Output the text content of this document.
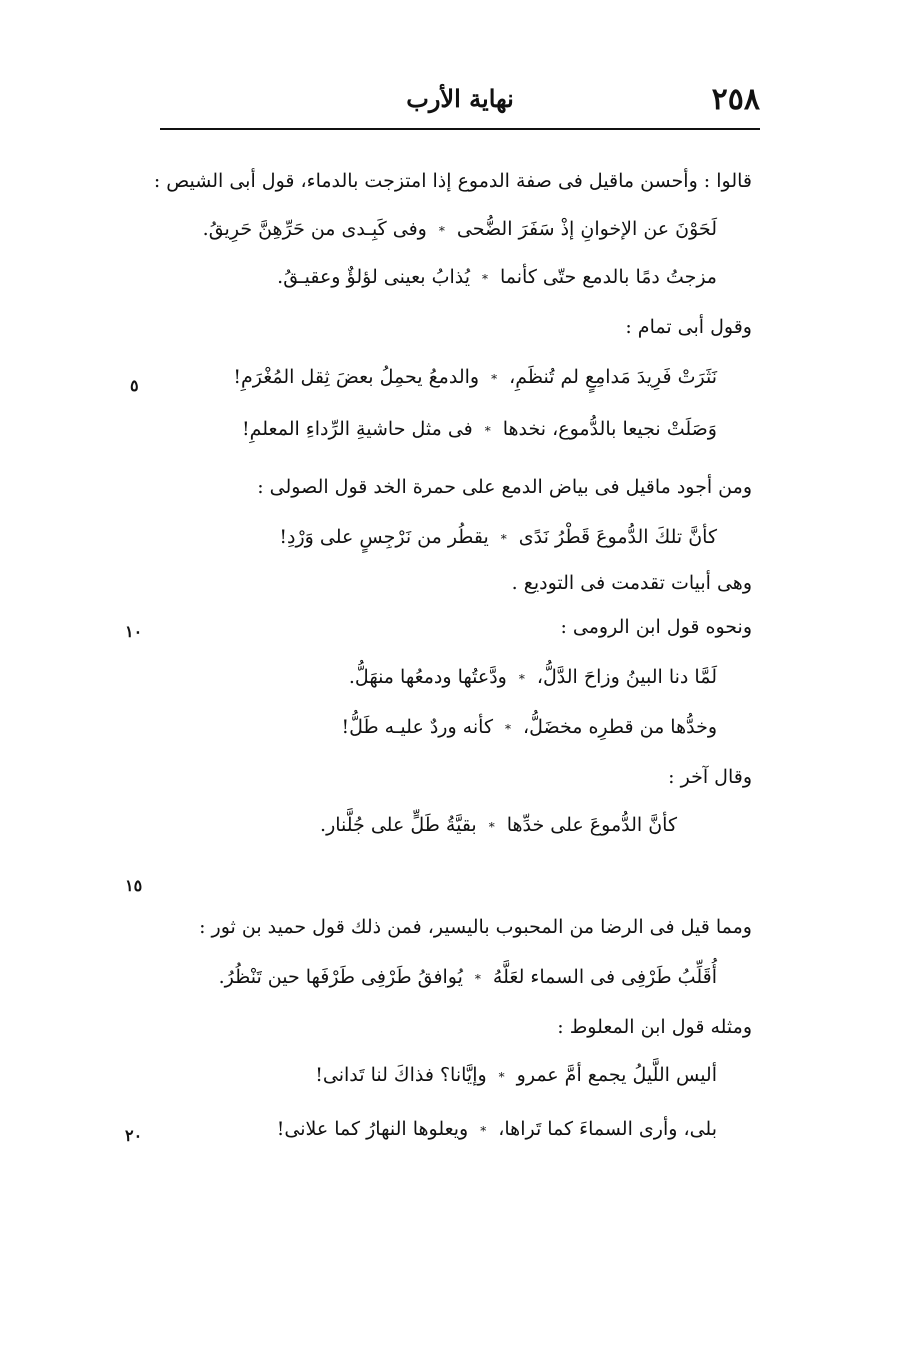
٢٥٨
نهاية الأرب
قالوا : وأحسن ماقيل فى صفة الدموع إذا امتزجت بالدماء، قول أبى الشيص :
لَحَوْنَ عن الإخوانِ إذْ سَفَرَ الضُّحى*وفى كَبِـدى من حَرِّهِنَّ حَرِيقُ.
مزجتُ دمًا بالدمع حتّى كأنما*يُذابُ بعينى لؤلؤٌ وعقيـقُ.
وقول أبى تمام :
نَثَرَتْ فَرِيدَ مَدامِعٍ لم تُنظَمِ،*والدمعُ يحمِلُ بعضَ ثِقل المُغْرَمِ!
وَصَلَتْ نجيعا بالدُّموع، نخدها*فى مثل حاشيةِ الرِّداءِ المعلمِ!
ومن أجود ماقيل فى بياض الدمع على حمرة الخد قول الصولى :
كأنَّ تلكَ الدُّموعَ قَطْرُ نَدًى*يقطُر من نَرْجِسٍ على وَرْدِ!
وهى أبيات تقدمت فى التوديع .
ونحوه قول ابن الرومى :
لَمَّا دنا البينُ وزاحَ الدَّلُّ،*ودَّعتُها ودمعُها منهَلُّ.
وخدُّها من قطرِه مخضَلُّ،*كأنه وردٌ عليـه طَلُّ!
وقال آخر :
كأنَّ الدُّموعَ على خدِّها*بقيَّةُ طَلٍّ على جُلَّنار.
ومما قيل فى الرضا من المحبوب باليسير، فمن ذلك قول حميد بن ثور :
أُقَلِّبُ طَرْفِى فى السماء لعَلَّهُ*يُوافقُ طَرْفِى طَرْفَها حين تَنْظُرُ.
ومثله قول ابن المعلوط :
أليس اللَّيلُ يجمع أمَّ عمرو*وإيَّانا؟ فذاكَ لنا تَدانى!
بلى، وأرى السماءَ كما تَراها،*ويعلوها النهارُ كما علانى!
٥
١٠
١٥
٢٠
